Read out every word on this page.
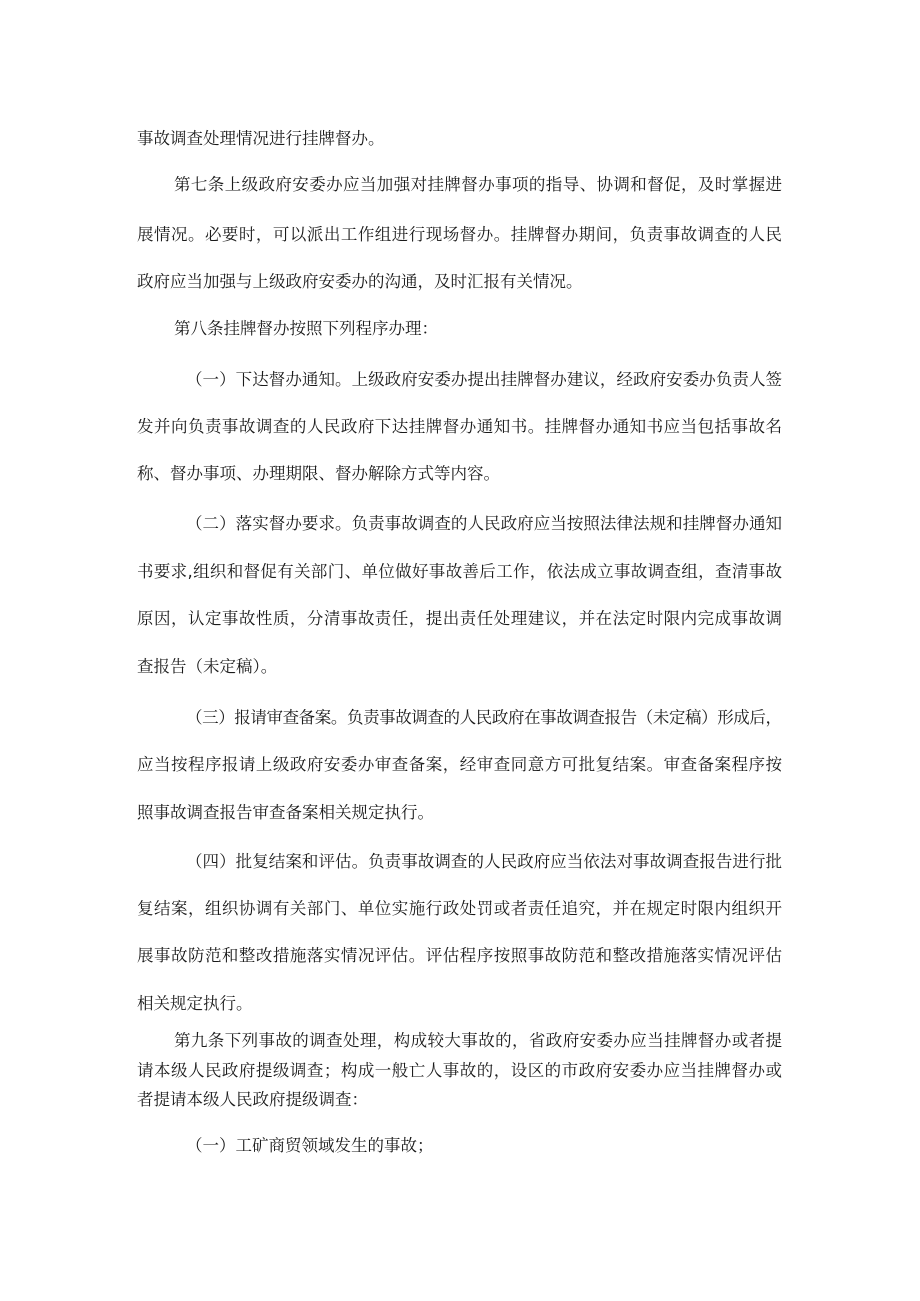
事故调查处理情况进行挂牌督办。

第七条上级政府安委办应当加强对挂牌督办事项的指导、协调和督促，及时掌握进

展情况。必要时，可以派出工作组进行现场督办。挂牌督办期间，负责事故调查的人民

政府应当加强与上级政府安委办的沟通，及时汇报有关情况。

第八条挂牌督办按照下列程序办理：

（一）下达督办通知。上级政府安委办提出挂牌督办建议，经政府安委办负责人签

发并向负责事故调查的人民政府下达挂牌督办通知书。挂牌督办通知书应当包括事故名

称、督办事项、办理期限、督办解除方式等内容。

（二）落实督办要求。负责事故调查的人民政府应当按照法律法规和挂牌督办通知

书要求,组织和督促有关部门、单位做好事故善后工作，依法成立事故调查组，查清事故

原因，认定事故性质，分清事故责任，提出责任处理建议，并在法定时限内完成事故调

查报告（未定稿）。

（三）报请审查备案。负责事故调查的人民政府在事故调查报告（未定稿）形成后，

应当按程序报请上级政府安委办审查备案，经审查同意方可批复结案。审查备案程序按

照事故调查报告审查备案相关规定执行。

（四）批复结案和评估。负责事故调查的人民政府应当依法对事故调查报告进行批

复结案，组织协调有关部门、单位实施行政处罚或者责任追究，并在规定时限内组织开

展事故防范和整改措施落实情况评估。评估程序按照事故防范和整改措施落实情况评估

相关规定执行。

第九条下列事故的调查处理，构成较大事故的，省政府安委办应当挂牌督办或者提

请本级人民政府提级调查；构成一般亡人事故的，设区的市政府安委办应当挂牌督办或

者提请本级人民政府提级调查：

（一）工矿商贸领域发生的事故；
